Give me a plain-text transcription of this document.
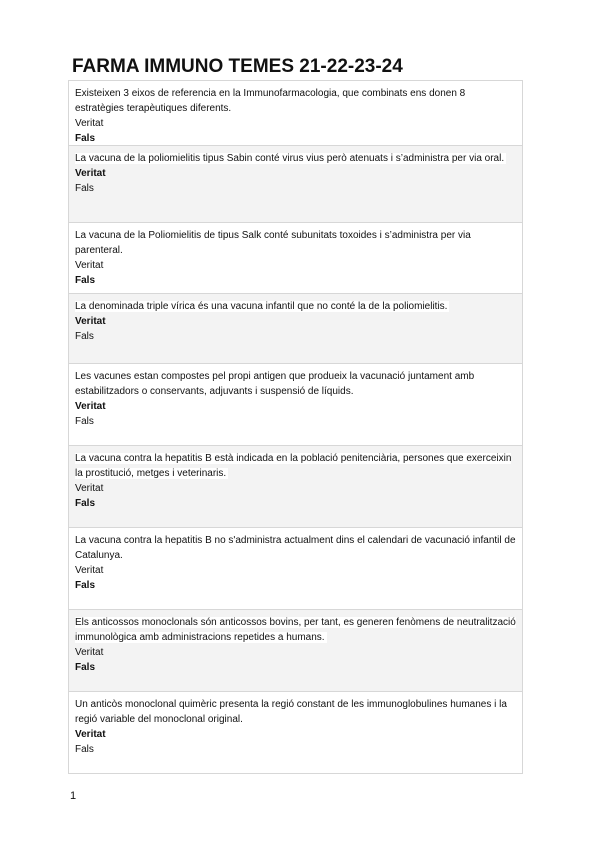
FARMA IMMUNO TEMES 21-22-23-24
Existeixen 3 eixos de referencia en la Immunofarmacologia, que combinats ens donen 8 estratègies terapèutiques diferents.
Veritat
Fals
La vacuna de la poliomielitis tipus Sabin conté virus vius però atenuats i s’administra per via oral.
Veritat
Fals
La vacuna de la Poliomielitis de tipus Salk conté subunitats toxoides i s’administra per via parenteral.
Veritat
Fals
La denominada triple vírica és una vacuna infantil que no conté la de la poliomielitis.
Veritat
Fals
Les vacunes estan compostes pel propi antigen que produeix la vacunació juntament amb estabilitzadors o conservants, adjuvants i suspensió de líquids.
Veritat
Fals
La vacuna contra la hepatitis B està indicada en la població penitenciària, persones que exerceixin la prostitució, metges i veterinaris.
Veritat
Fals
La vacuna contra la hepatitis B no s'administra actualment dins el calendari de vacunació infantil de Catalunya.
Veritat
Fals
Els anticossos monoclonals són anticossos bovins, per tant, es generen fenòmens de neutralització immunològica amb administracions repetides a humans.
Veritat
Fals
Un anticòs monoclonal quimèric presenta la regió constant de les immunoglobulines humanes i la regió variable del monoclonal original.
Veritat
Fals
1
